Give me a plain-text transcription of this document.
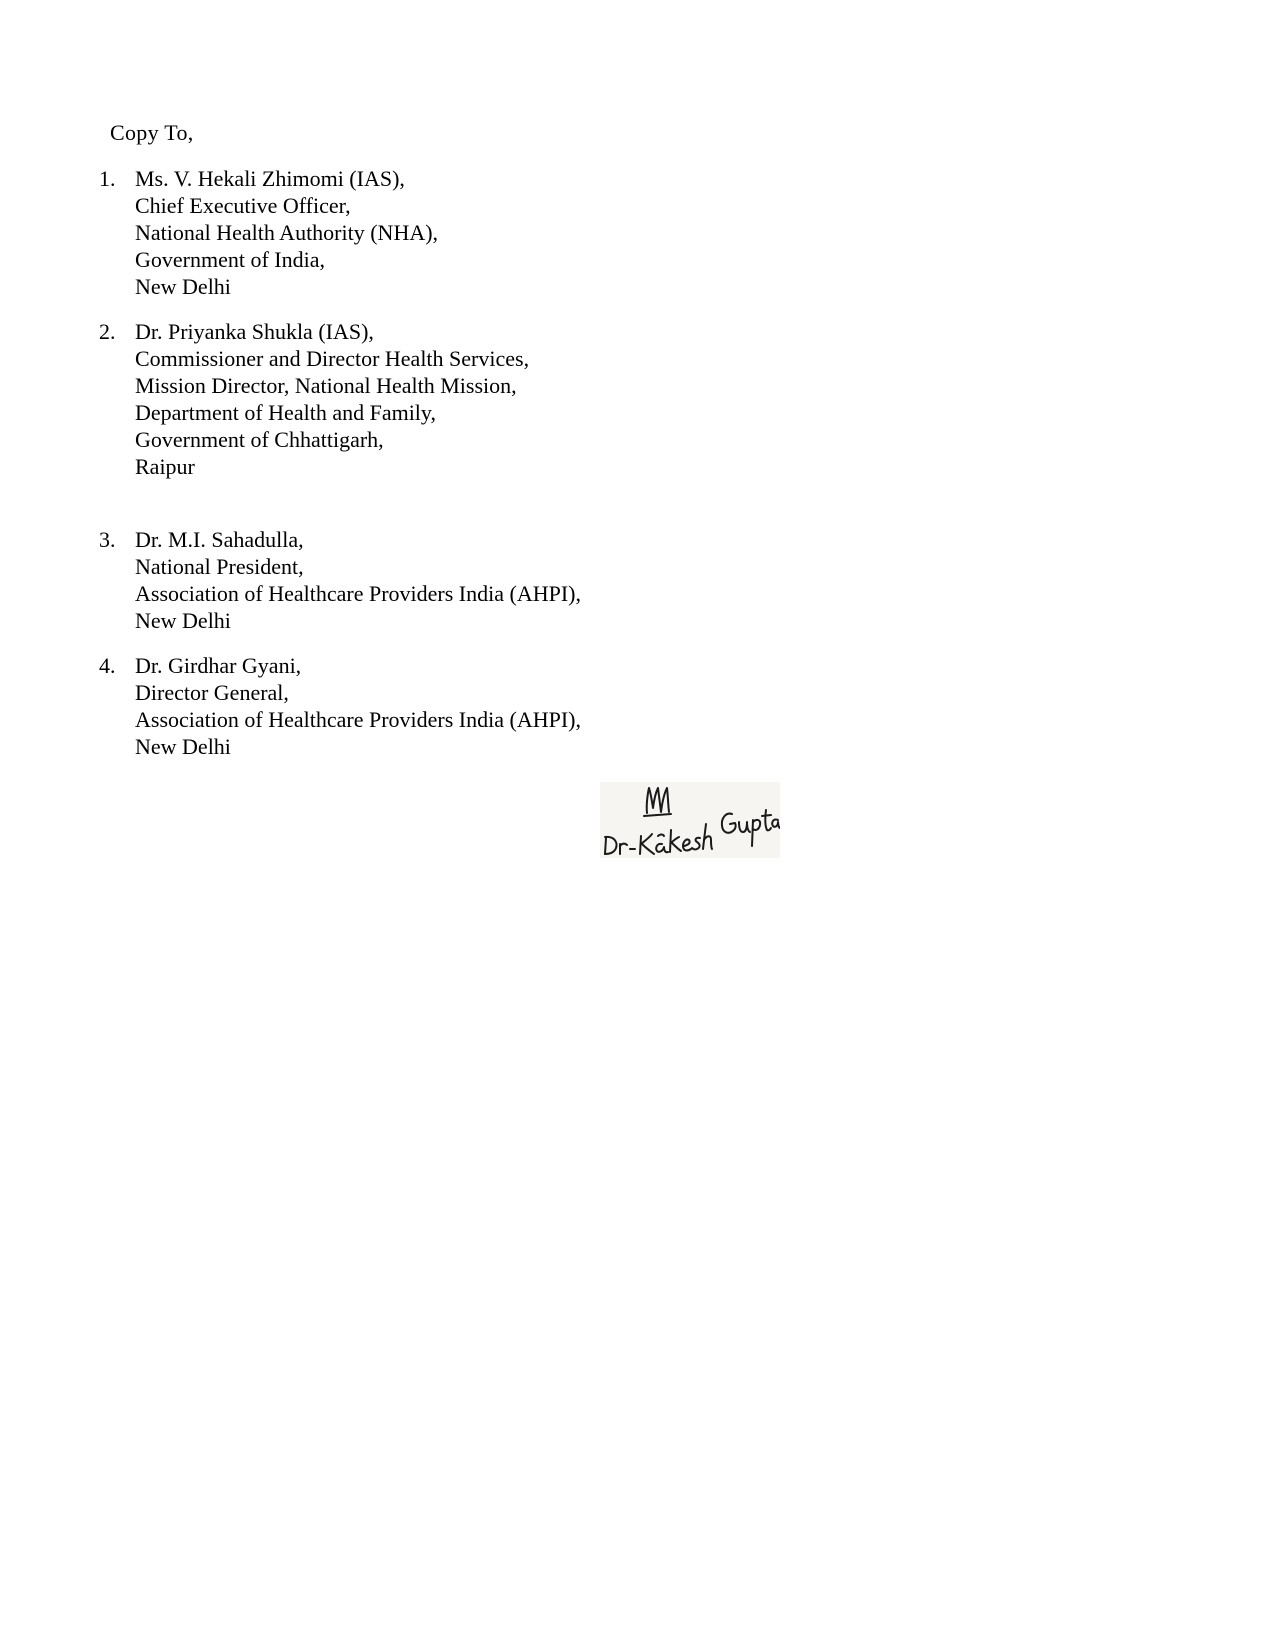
Copy To,
1. Ms. V. Hekali Zhimomi (IAS),
Chief Executive Officer,
National Health Authority (NHA),
Government of India,
New Delhi
2. Dr. Priyanka Shukla (IAS),
Commissioner and Director Health Services,
Mission Director, National Health Mission,
Department of Health and Family,
Government of Chhattigarh,
Raipur
3. Dr. M.I. Sahadulla,
National President,
Association of Healthcare Providers India (AHPI),
New Delhi
4. Dr. Girdhar Gyani,
Director General,
Association of Healthcare Providers India (AHPI),
New Delhi
